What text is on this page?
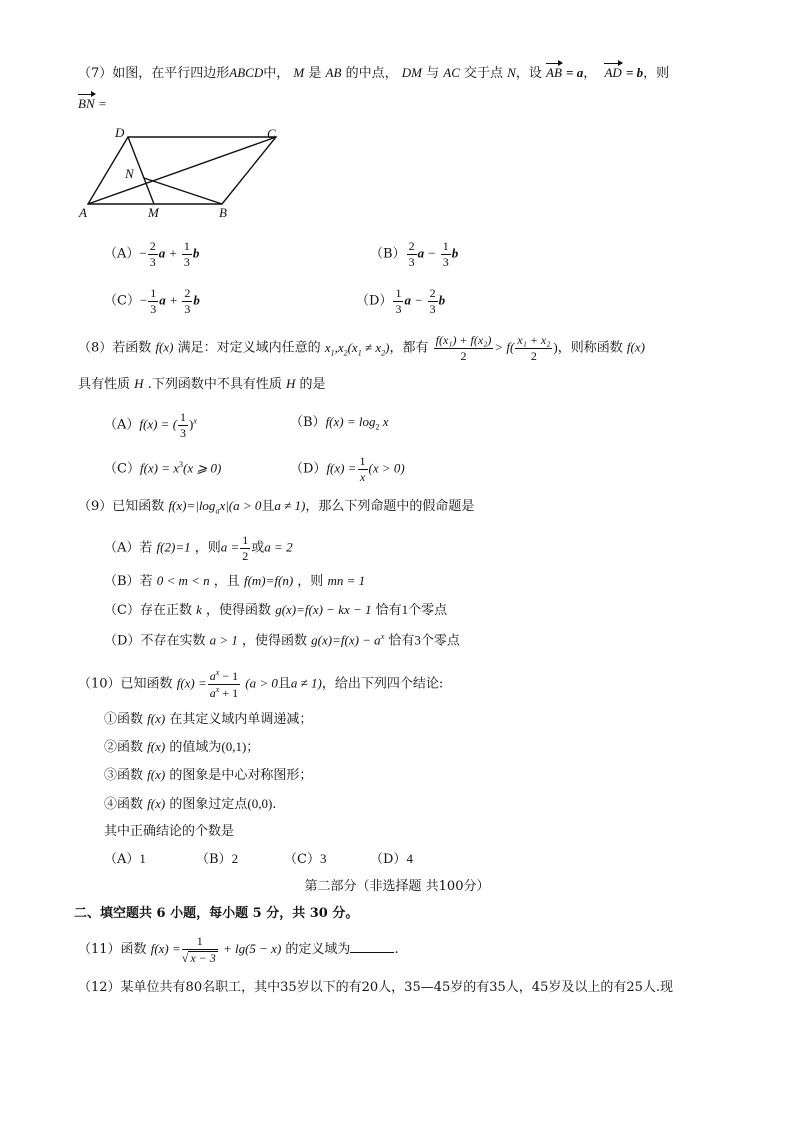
（7）如图，在平行四边形ABCD中， M 是 AB 的中点， DM 与 AC 交于点 N，设 AB = a， AD = b，则
BN =
A	M	B
D	C
N
$(A)- \frac{2}{3}$ $a + \frac{1}{3}$ b	$(B) \frac{2}{3}$ $a - \frac{1}{3}$ b
$(C)- \frac{1}{3}$ $a + \frac{2}{3}$ b	$(D) \frac{1}{3}$ $a - \frac{2}{3}$ b
（8）若函数 f(x) 满足：对定义域内任意的 $x_1,x_2(x_1 \ne x_2)$，都有 $\frac{\text{f(x₁) + f(x₂)}}{2} > f( \frac{\text{x₁ + x₂}}{2}$ )，则称函数 f(x)
具有性质 H .下列函数中不具有性质 H 的是
（A）f(x) = ( $\frac{1}{3} )^x$	$(B)f(x) = \log_2 x$
$(C)f(x) = x^3(x$ ⩾ 0)	$(D)f(x) = \frac{1}{x} (x > 0)$
（9）已知函数 $f(x)=|\log_ax|(a > 0$且a ≠ 1)，那么下列命题中的假命题是
（A）若 f(2)=1 ，则$a = \frac{1}{2}$ 或a = 2
（B）若 0 < m < n ，且 f(m)=f(n) ，则 mn = 1
（C）存在正数 k ，使得函数 g(x)=f(x) − kx − 1 恰有1个零点
（D）不存在实数 a > 1 ，使得函数 $g(x)=f(x) - a^x$ 恰有3个零点
（10）已知函数 $f(x) = \frac{a^x - 1}{a^x + 1} (a > 0$且a ≠ 1)，给出下列四个结论:
①函数 f(x) 在其定义域内单调递减；
②函数 f(x) 的值域为(0,1)；
③函数 f(x) 的图象是中心对称图形；
④函数 f(x) 的图象过定点(0,0).
其中正确结论的个数是
（A）1	（B）2	（C）3	（D）4
第二部分（非选择题 共100分）
二、填空题共 6 小题，每小题 5 分，共 30 分。
（11）函数 $f(x) = \frac{1}{√ x - 3} + \lg(5 - x)$ 的定义域为	.
（12）某单位共有80名职工，其中35岁以下的有20人，35—45岁的有35人，45岁及以上的有25人.现
